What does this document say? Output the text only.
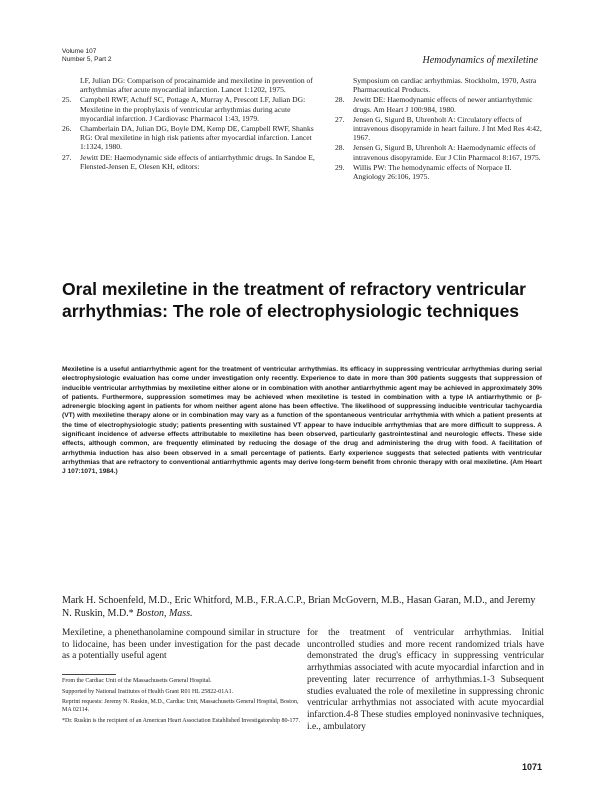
Volume 107
Number 5, Part 2	Hemodynamics of mexiletine
LF, Julian DG: Comparison of procainamide and mexiletine in prevention of arrhythmias after acute myocardial infarction. Lancet 1:1202, 1975.
25. Campbell RWF, Achuff SC, Pottage A, Murray A, Prescott LF, Julian DG: Mexiletine in the prophylaxis of ventricular arrhythmias during acute myocardial infarction. J Cardiovasc Pharmacol 1:43, 1979.
26. Chamberlain DA, Julian DG, Boyle DM, Kemp DE, Campbell RWF, Shanks RG: Oral mexiletine in high risk patients after myocardial infarction. Lancet 1:1324, 1980.
27. Jewitt DE: Haemodynamic side effects of antiarrhythmic drugs. In Sandoe E, Flensted-Jensen E, Olesen KH, editors:
Symposium on cardiac arrhythmias. Stockholm, 1970, Astra Pharmaceutical Products.
28. Jewitt DE: Haemodynamic effects of newer antiarrhythmic drugs. Am Heart J 100:984, 1980.
27. Jensen G, Sigurd B, Uhrenholt A: Circulatory effects of intravenous disopyramide in heart failure. J Int Med Res 4:42, 1967.
28. Jensen G, Sigurd B, Uhrenholt A: Haemodynamic effects of intravenous disopyramide. Eur J Clin Pharmacol 8:167, 1975.
29. Willis PW: The hemodynamic effects of Norpace II. Angiology 26:106, 1975.
Oral mexiletine in the treatment of refractory ventricular arrhythmias: The role of electrophysiologic techniques
Mexiletine is a useful antiarrhythmic agent for the treatment of ventricular arrhythmias. Its efficacy in suppressing ventricular arrhythmias during serial electrophysiologic evaluation has come under investigation only recently. Experience to date in more than 300 patients suggests that suppression of inducible ventricular arrhythmias by mexiletine either alone or in combination with another antiarrhythmic agent may be achieved in approximately 30% of patients. Furthermore, suppression sometimes may be achieved when mexiletine is tested in combination with a type IA antiarrhythmic or β-adrenergic blocking agent in patients for whom neither agent alone has been effective. The likelihood of suppressing inducible ventricular tachycardia (VT) with mexiletine therapy alone or in combination may vary as a function of the spontaneous ventricular arrhythmia with which a patient presents at the time of electrophysiologic study; patients presenting with sustained VT appear to have inducible arrhythmias that are more difficult to suppress. A significant incidence of adverse effects attributable to mexiletine has been observed, particularly gastrointestinal and neurologic effects. These side effects, although common, are frequently eliminated by reducing the dosage of the drug and administering the drug with food. A facilitation of arrhythmia induction has also been observed in a small percentage of patients. Early experience suggests that selected patients with ventricular arrhythmias that are refractory to conventional antiarrhythmic agents may derive long-term benefit from chronic therapy with oral mexiletine. (Am Heart J 107:1071, 1984.)
Mark H. Schoenfeld, M.D., Eric Whitford, M.B., F.R.A.C.P., Brian McGovern, M.B., Hasan Garan, M.D., and Jeremy N. Ruskin, M.D.* Boston, Mass.
Mexiletine, a phenethanolamine compound similar in structure to lidocaine, has been under investigation for the past decade as a potentially useful agent
for the treatment of ventricular arrhythmias. Initial uncontrolled studies and more recent randomized trials have demonstrated the drug's efficacy in suppressing ventricular arrhythmias associated with acute myocardial infarction and in preventing later recurrence of arrhythmias.1-3 Subsequent studies evaluated the role of mexiletine in suppressing chronic ventricular arrhythmias not associated with acute myocardial infarction.4-8 These studies employed noninvasive techniques, i.e., ambulatory

From the Cardiac Unit of the Massachusetts General Hospital.

Supported by National Institutes of Health Grant R01 HL 25822-01A1.

Reprint requests: Jeremy N. Ruskin, M.D., Cardiac Unit, Massachusetts General Hospital, Boston, MA 02114.

*Dr. Ruskin is the recipient of an American Heart Association Established Investigatorship 80-177.

1071
